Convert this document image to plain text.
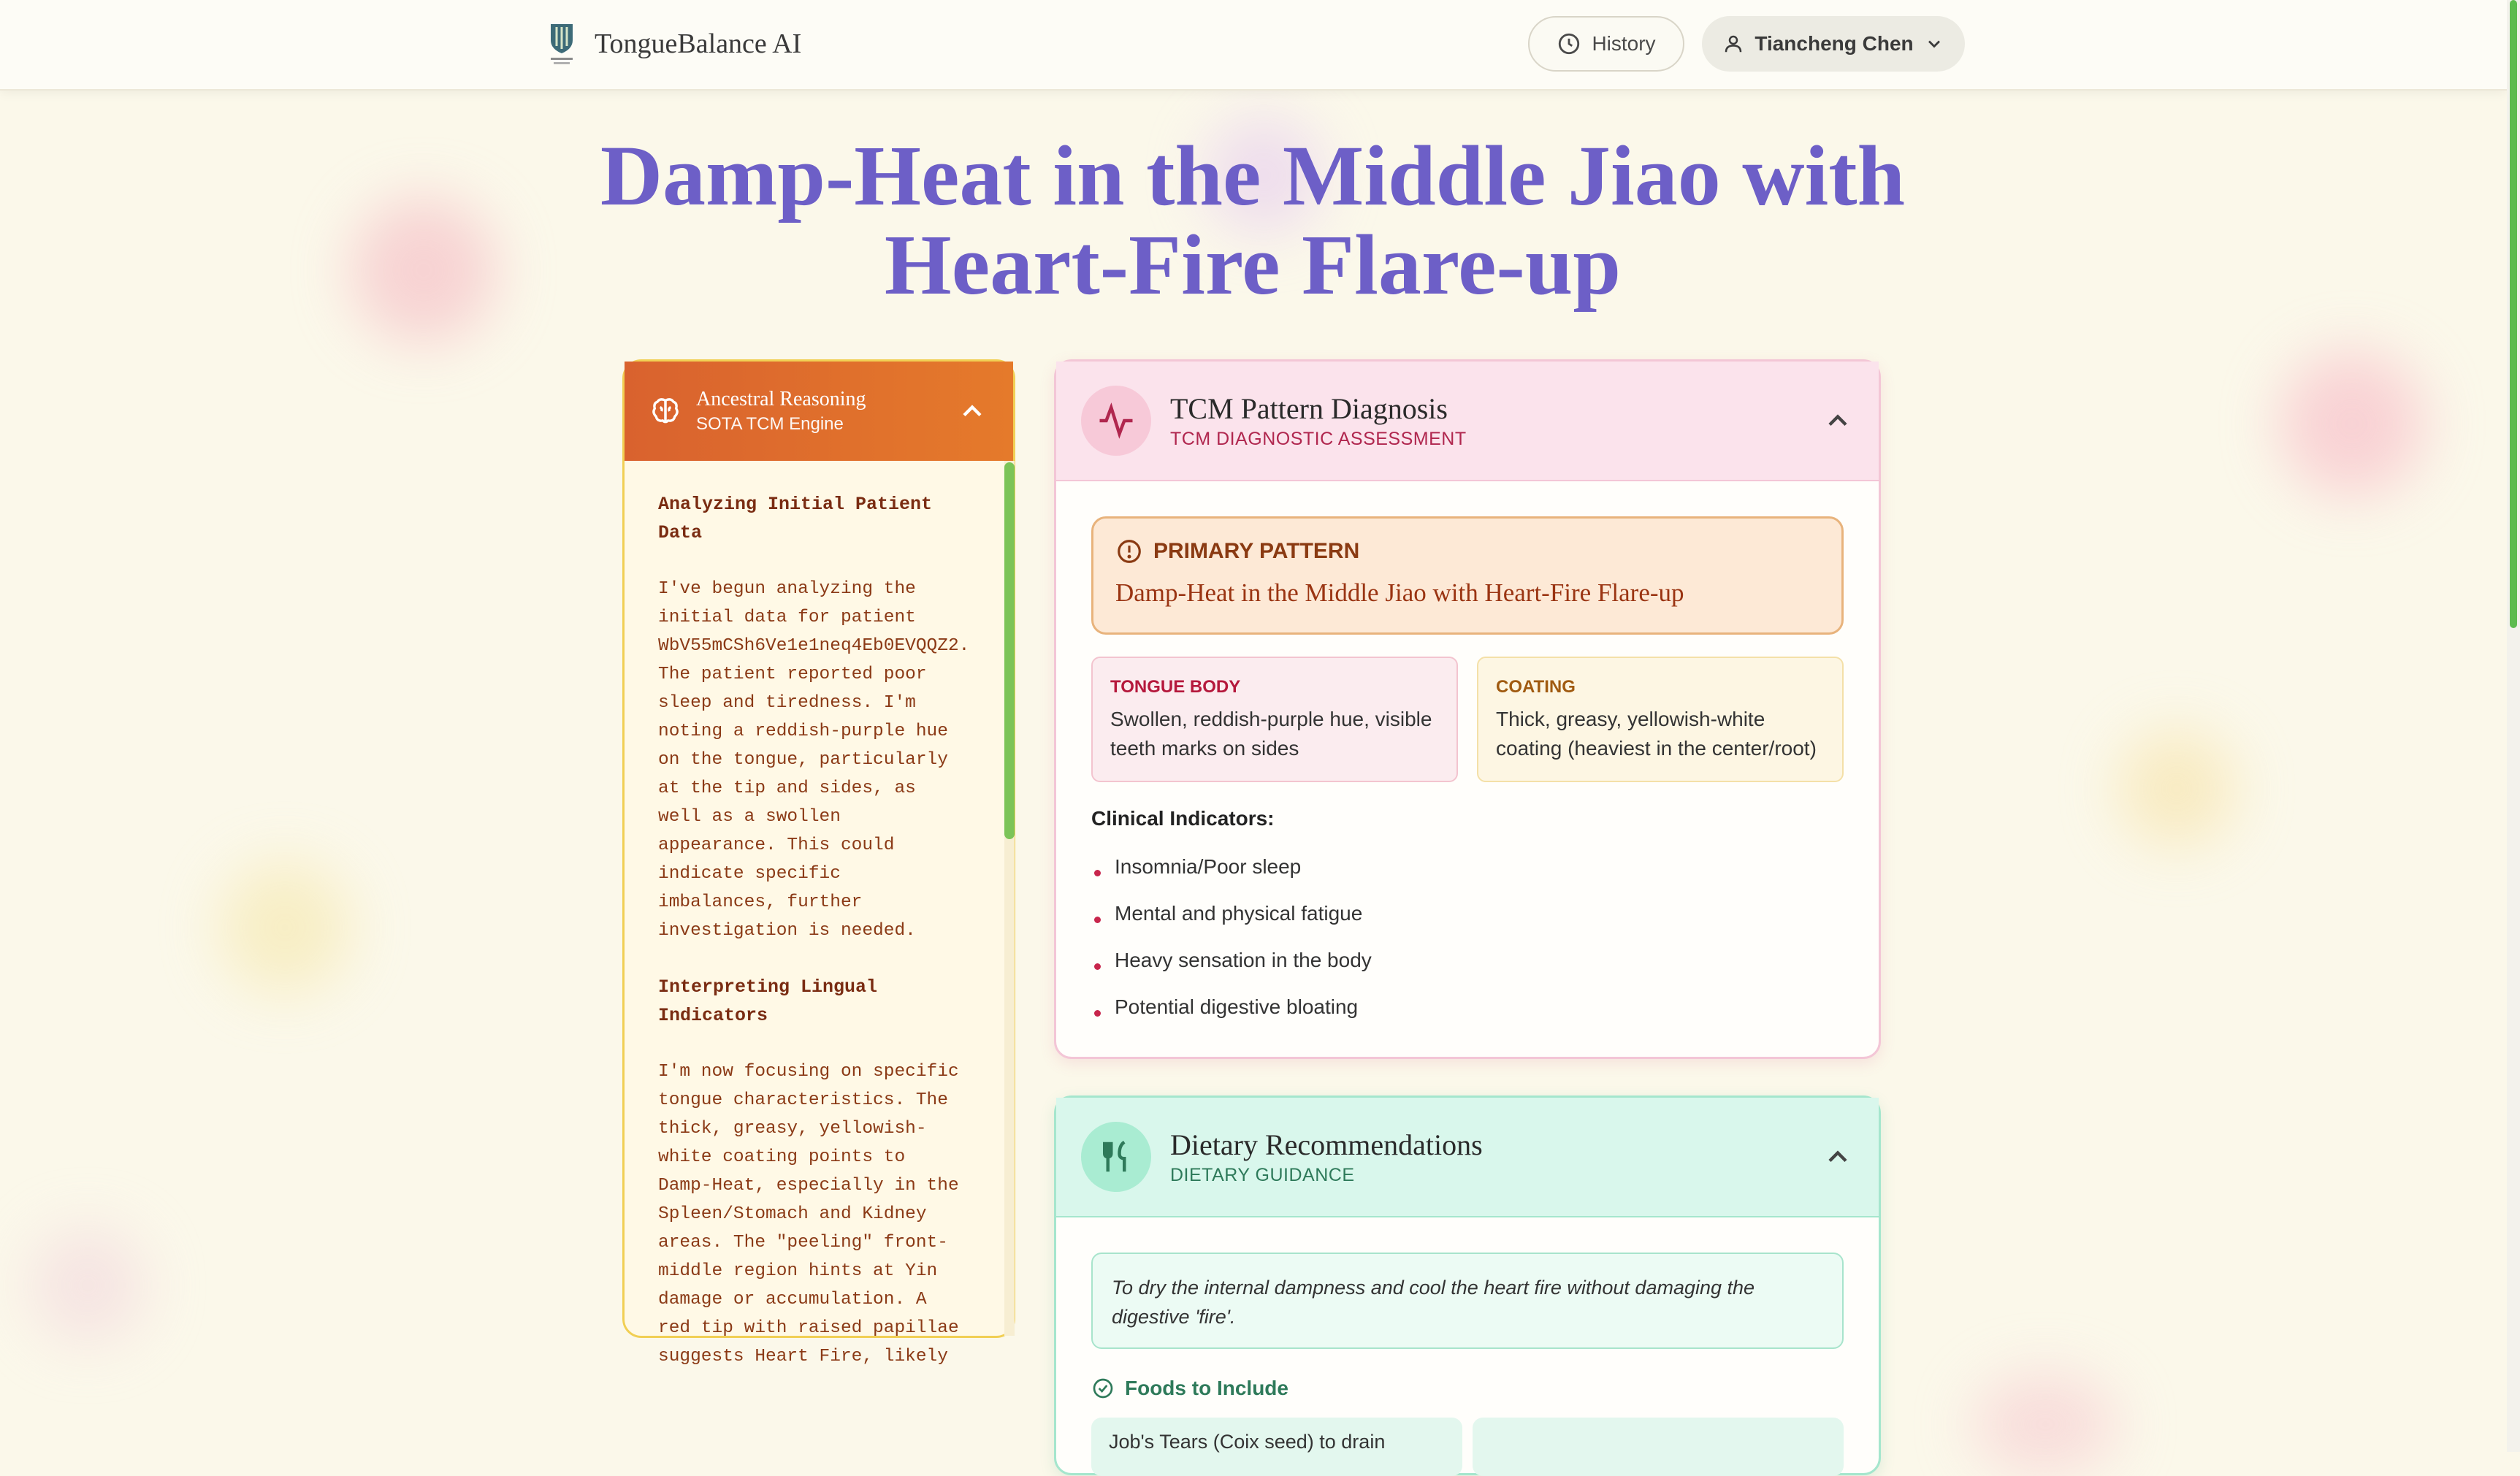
TongueBalance AI	History	Tiancheng Chen
Damp-Heat in the Middle Jiao with Heart-Fire Flare-up
Ancestral Reasoning
SOTA TCM Engine
Analyzing Initial Patient Data

I've begun analyzing the initial data for patient WbV55mCSh6Ve1e1neq4Eb0EVQQZ2. The patient reported poor sleep and tiredness. I'm noting a reddish-purple hue on the tongue, particularly at the tip and sides, as well as a swollen appearance. This could indicate specific imbalances, further investigation is needed.

Interpreting Lingual Indicators

I'm now focusing on specific tongue characteristics. The thick, greasy, yellowish-white coating points to Damp-Heat, especially in the Spleen/Stomach and Kidney areas. The "peeling" front-middle region hints at Yin damage or accumulation. A red tip with raised papillae suggests Heart Fire, likely

TCM Pattern Diagnosis
TCM DIAGNOSTIC ASSESSMENT
PRIMARY PATTERN
Damp-Heat in the Middle Jiao with Heart-Fire Flare-up
TONGUE BODY
Swollen, reddish-purple hue, visible teeth marks on sides
COATING
Thick, greasy, yellowish-white coating (heaviest in the center/root)
Clinical Indicators:
Insomnia/Poor sleep
Mental and physical fatigue
Heavy sensation in the body
Potential digestive bloating
Dietary Recommendations
DIETARY GUIDANCE
To dry the internal dampness and cool the heart fire without damaging the digestive 'fire'.
Foods to Include
Job's Tears (Coix seed) to drain
